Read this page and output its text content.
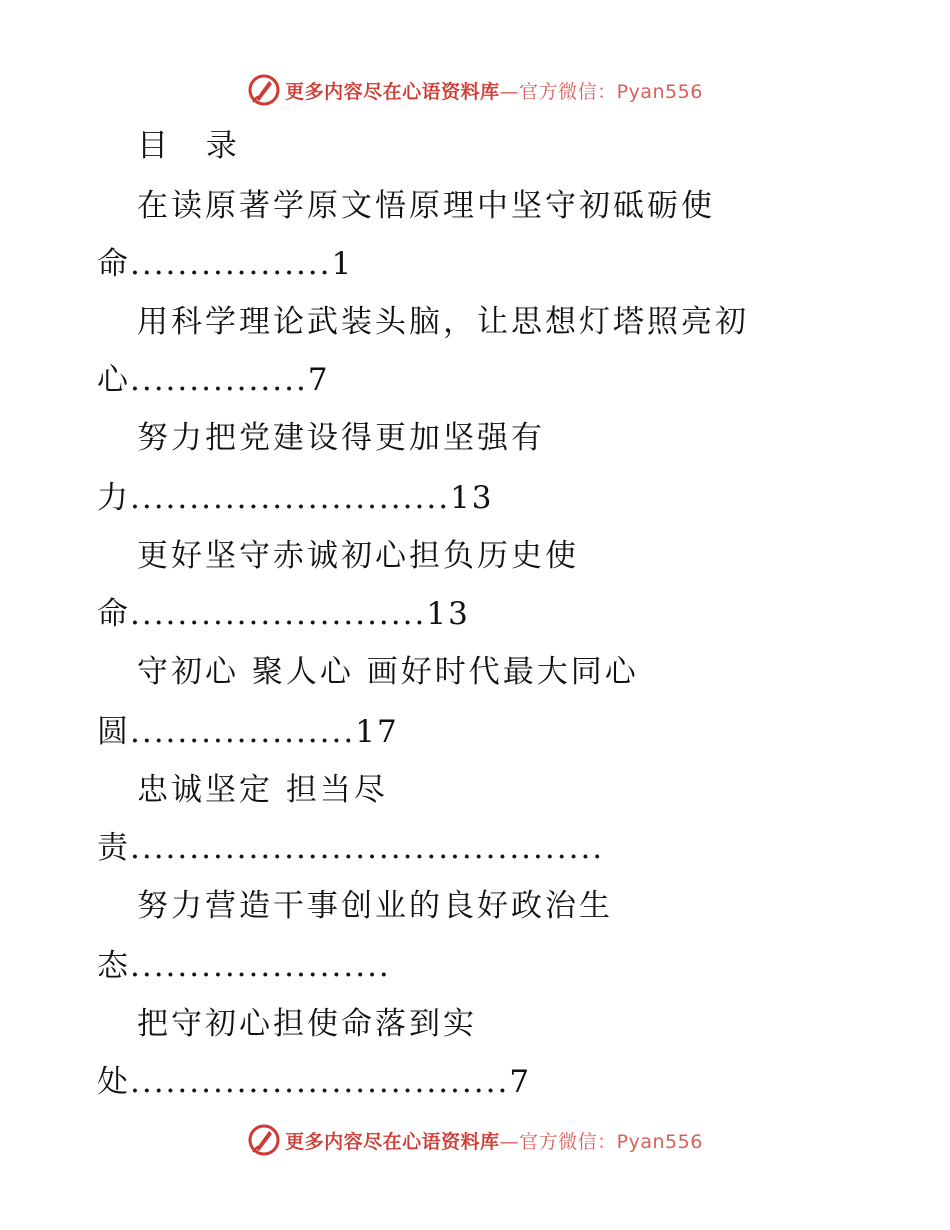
更多内容尽在心语资料库—官方微信：Pyan556
目 录
在读原著学原文悟原理中坚守初砥砺使
命.................1
用科学理论武装头脑，让思想灯塔照亮初
心...............7
努力把党建设得更加坚强有
力...........................13
更好坚守赤诚初心担负历史使
命.........................13
守初心 聚人心 画好时代最大同心
圆...................17
忠诚坚定 担当尽
责........................................
努力营造干事创业的良好政治生
态......................
把守初心担使命落到实
处................................7
更多内容尽在心语资料库—官方微信：Pyan556
